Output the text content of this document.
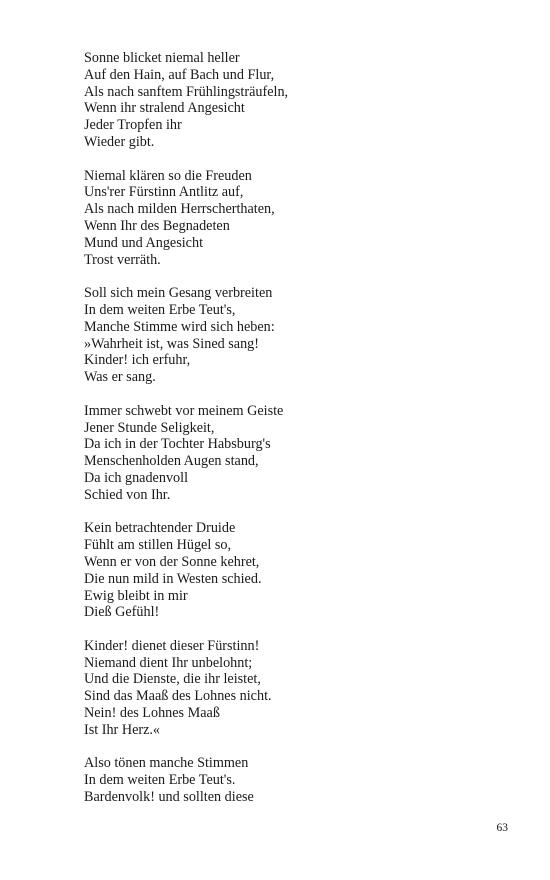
Sonne blicket niemal heller
Auf den Hain, auf Bach und Flur,
Als nach sanftem Frühlingsträufeln,
Wenn ihr stralend Angesicht
Jeder Tropfen ihr
Wieder gibt.
Niemal klären so die Freuden
Uns'rer Fürstinn Antlitz auf,
Als nach milden Herrscherthaten,
Wenn Ihr des Begnadeten
Mund und Angesicht
Trost verräth.
Soll sich mein Gesang verbreiten
In dem weiten Erbe Teut's,
Manche Stimme wird sich heben:
»Wahrheit ist, was Sined sang!
Kinder! ich erfuhr,
Was er sang.
Immer schwebt vor meinem Geiste
Jener Stunde Seligkeit,
Da ich in der Tochter Habsburg's
Menschenholden Augen stand,
Da ich gnadenvoll
Schied von Ihr.
Kein betrachtender Druide
Fühlt am stillen Hügel so,
Wenn er von der Sonne kehret,
Die nun mild in Westen schied.
Ewig bleibt in mir
Dieß Gefühl!
Kinder! dienet dieser Fürstinn!
Niemand dient Ihr unbelohnt;
Und die Dienste, die ihr leistet,
Sind das Maaß des Lohnes nicht.
Nein! des Lohnes Maaß
Ist Ihr Herz.«
Also tönen manche Stimmen
In dem weiten Erbe Teut's.
Bardenvolk! und sollten diese
63
